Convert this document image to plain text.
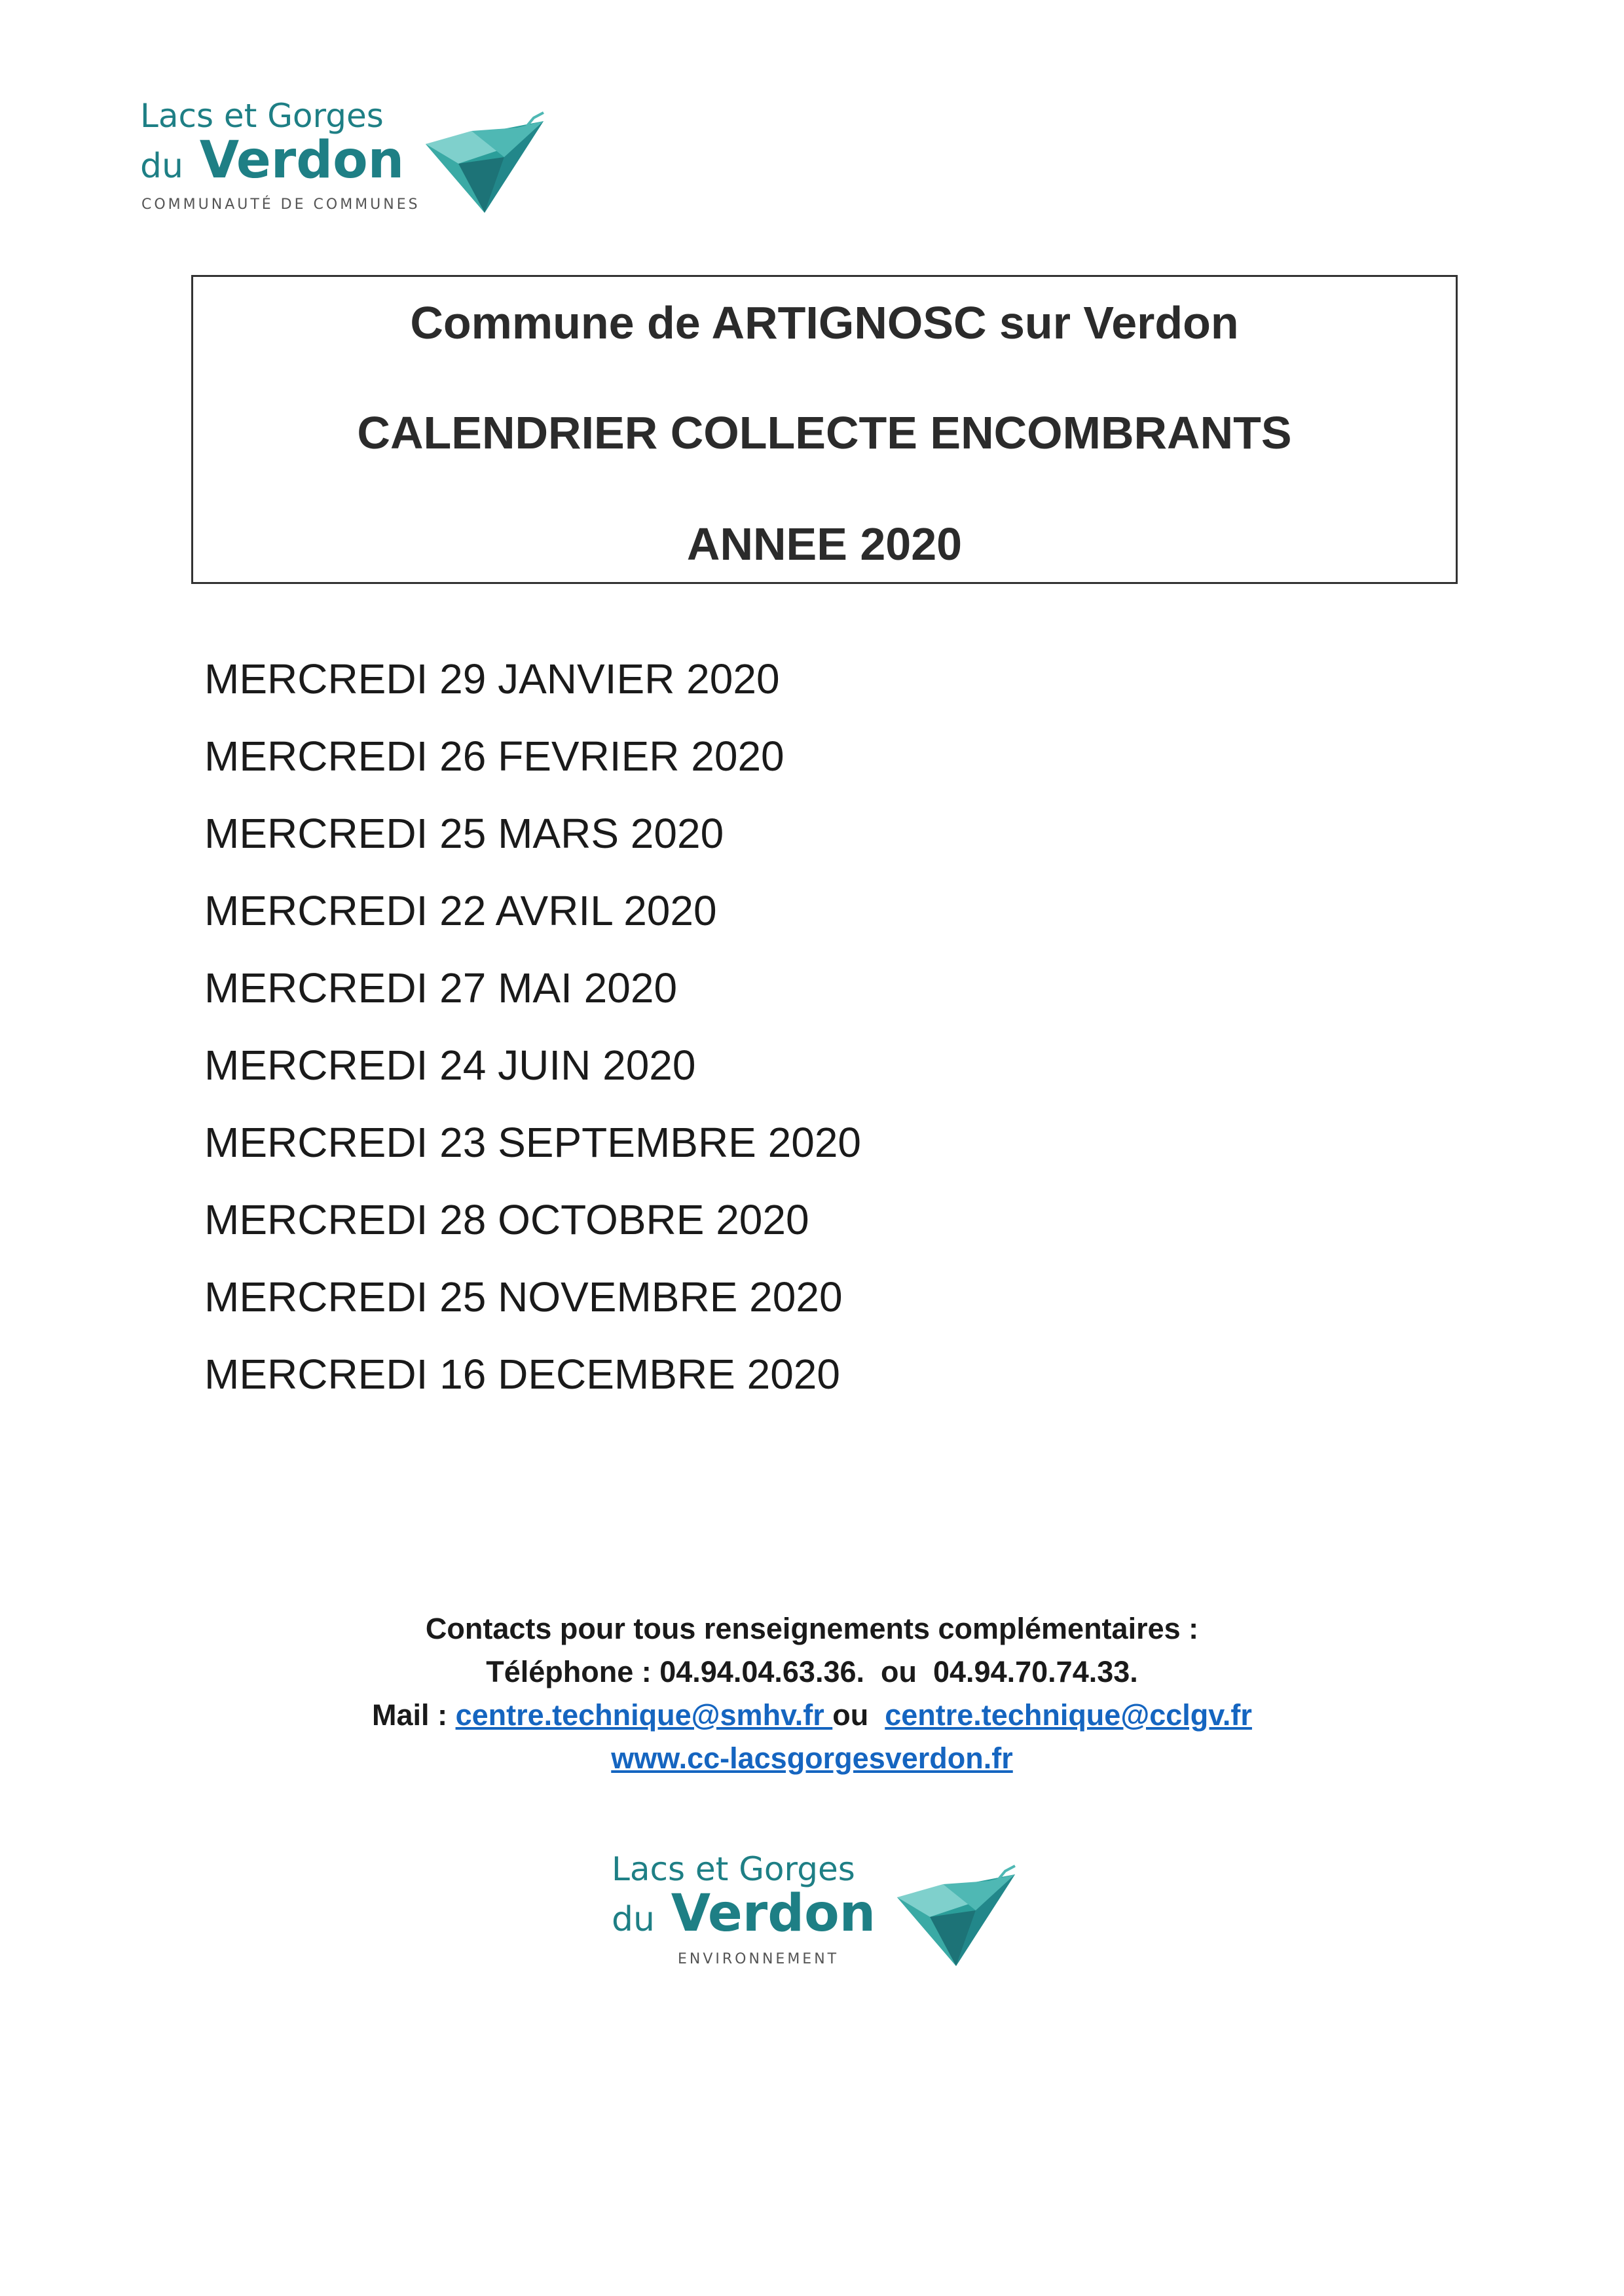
Lacs et Gorges
du Verdon
COMMUNAUTÉ DE COMMUNES
Commune de ARTIGNOSC sur Verdon
CALENDRIER COLLECTE ENCOMBRANTS
ANNEE 2020
MERCREDI 29 JANVIER 2020
MERCREDI 26 FEVRIER 2020
MERCREDI 25 MARS 2020
MERCREDI 22 AVRIL 2020
MERCREDI 27 MAI 2020
MERCREDI 24 JUIN 2020
MERCREDI 23 SEPTEMBRE 2020
MERCREDI 28 OCTOBRE 2020
MERCREDI 25 NOVEMBRE 2020
MERCREDI 16 DECEMBRE 2020
Contacts pour tous renseignements complémentaires :
Téléphone : 04.94.04.63.36.  ou  04.94.70.74.33.
Mail : centre.technique@smhv.fr ou  centre.technique@cclgv.fr
www.cc-lacsgorgesverdon.fr
Lacs et Gorges
du Verdon
ENVIRONNEMENT
